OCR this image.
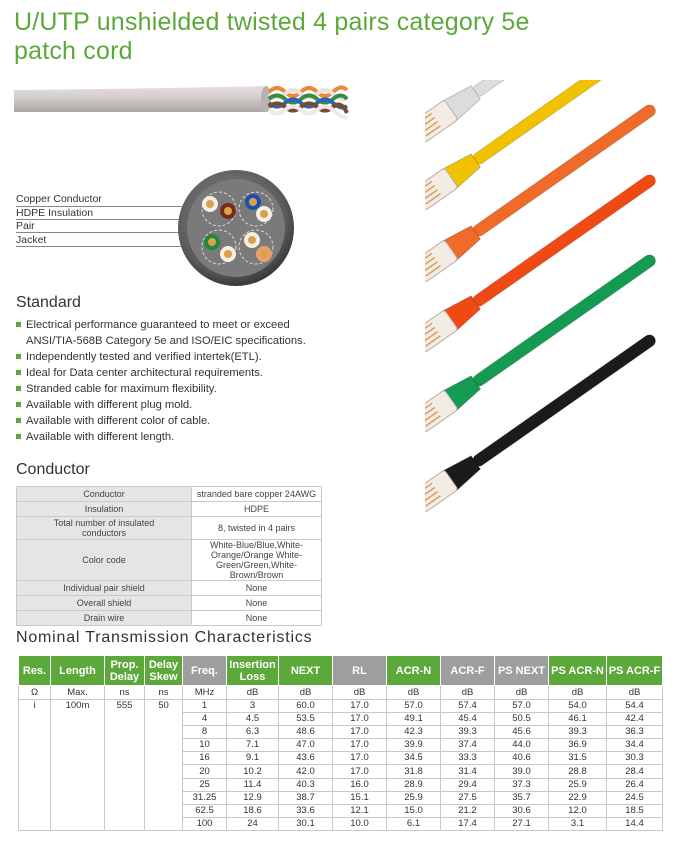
U/UTP unshielded twisted 4 pairs category 5e patch cord
Copper Conductor
HDPE Insulation
Pair
Jacket
Standard
Electrical performance guaranteed to meet or exceed ANSI/TIA-568B Category 5e and ISO/EIC specifications.
Independently tested and verified intertek(ETL).
Ideal for Data center architectural requirements.
Stranded cable for maximum flexibility.
Available with different plug mold.
Available with different color of cable.
Available with different length.
Conductor
Conductor	stranded bare copper 24AWG
Insulation	HDPE
Total number of insulated conductors	8, twisted in 4 pairs
Color code	White-Blue/Blue,White-Orange/Orange White-Green/Green,White-Brown/Brown
Individual pair shield	None
Overall shield	None
Drain wire	None
Nominal Transmission Characteristics
Res.	Length	Prop. Delay	Delay Skew	Freq.	Insertion Loss	NEXT	RL	ACR-N	ACR-F	PS NEXT	PS ACR-N	PS ACR-F
Ω	Max.	ns	ns	MHz	dB	dB	dB	dB	dB	dB	dB	dB
i	100m	555	50	1	3	60.0	17.0	57.0	57.4	57.0	54.0	54.4
				4	4.5	53.5	17.0	49.1	45.4	50.5	46.1	42.4
				8	6.3	48.6	17.0	42.3	39.3	45.6	39.3	36.3
				10	7.1	47.0	17.0	39.9	37.4	44.0	36.9	34.4
				16	9.1	43.6	17.0	34.5	33.3	40.6	31.5	30.3
				20	10.2	42.0	17.0	31.8	31.4	39.0	28.8	28.4
				25	11.4	40.3	16.0	28.9	29.4	37.3	25.9	26.4
				31.25	12.9	38.7	15.1	25.9	27.5	35.7	22.9	24.5
				62.5	18.6	33.6	12.1	15.0	21.2	30.6	12.0	18.5
				100	24	30.1	10.0	6.1	17.4	27.1	3.1	14.4
